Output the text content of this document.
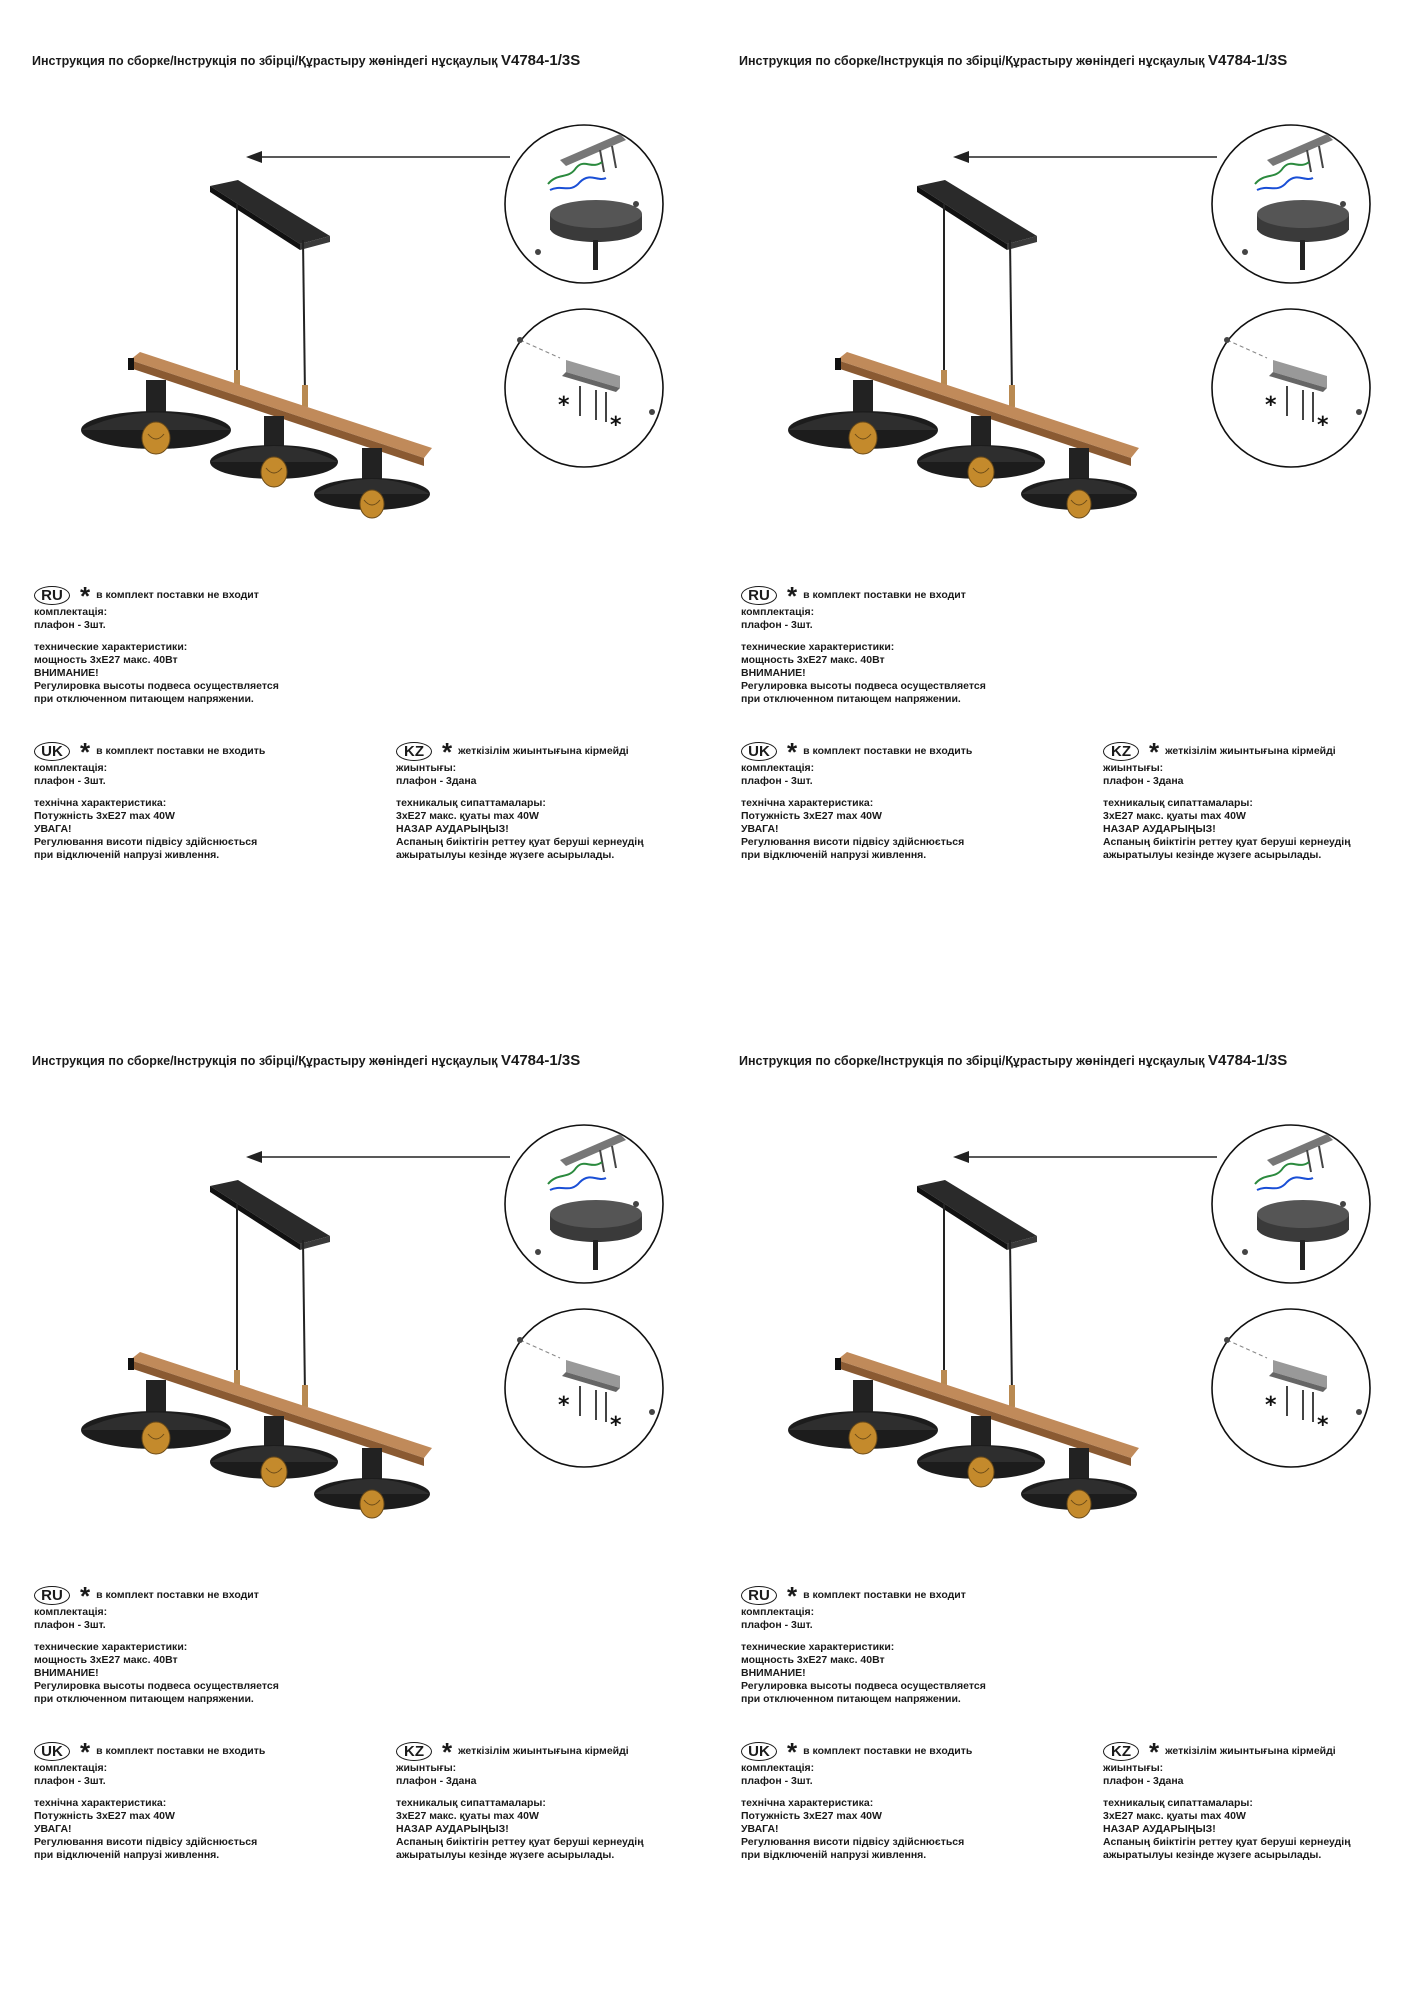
Инструкция по сборке/Інструкція по збірці/Құрастыру жөніндегі нұсқаулық V4784-1/3S
*
*
RU * в комплект поставки не входит
комплектація:
плафон - 3шт.
технические характеристики:
мощность 3хЕ27 макс. 40Вт
ВНИМАНИЕ!
Регулировка высоты подвеса осуществляется
при отключенном питающем напряжении.
UK * в комплект поставки не входить
комплектація:
плафон - 3шт.
технічна характеристика:
Потужність 3хЕ27 max 40W
УВАГА!
Регулювання висоти підвісу здійснюється
при відключеній напрузі живлення.
KZ * жеткізілім жиынтығына кірмейді
жиынтығы:
плафон - 3дана
техникалық сипаттамалары:
3хЕ27 макс. қуаты max 40W
НАЗАР АУДАРЫҢЫЗ!
Аспаның биіктігін реттеу қуат беруші кернеудің
ажыратылуы кезінде жүзеге асырылады.
Инструкция по сборке/Інструкція по збірці/Құрастыру жөніндегі нұсқаулық V4784-1/3S
*
*
RU * в комплект поставки не входит
комплектація:
плафон - 3шт.
технические характеристики:
мощность 3хЕ27 макс. 40Вт
ВНИМАНИЕ!
Регулировка высоты подвеса осуществляется
при отключенном питающем напряжении.
UK * в комплект поставки не входить
комплектація:
плафон - 3шт.
технічна характеристика:
Потужність 3хЕ27 max 40W
УВАГА!
Регулювання висоти підвісу здійснюється
при відключеній напрузі живлення.
KZ * жеткізілім жиынтығына кірмейді
жиынтығы:
плафон - 3дана
техникалық сипаттамалары:
3хЕ27 макс. қуаты max 40W
НАЗАР АУДАРЫҢЫЗ!
Аспаның биіктігін реттеу қуат беруші кернеудің
ажыратылуы кезінде жүзеге асырылады.
Инструкция по сборке/Інструкція по збірці/Құрастыру жөніндегі нұсқаулық V4784-1/3S
*
*
RU * в комплект поставки не входит
комплектація:
плафон - 3шт.
технические характеристики:
мощность 3хЕ27 макс. 40Вт
ВНИМАНИЕ!
Регулировка высоты подвеса осуществляется
при отключенном питающем напряжении.
UK * в комплект поставки не входить
комплектація:
плафон - 3шт.
технічна характеристика:
Потужність 3хЕ27 max 40W
УВАГА!
Регулювання висоти підвісу здійснюється
при відключеній напрузі живлення.
KZ * жеткізілім жиынтығына кірмейді
жиынтығы:
плафон - 3дана
техникалық сипаттамалары:
3хЕ27 макс. қуаты max 40W
НАЗАР АУДАРЫҢЫЗ!
Аспаның биіктігін реттеу қуат беруші кернеудің
ажыратылуы кезінде жүзеге асырылады.
Инструкция по сборке/Інструкція по збірці/Құрастыру жөніндегі нұсқаулық V4784-1/3S
*
*
RU * в комплект поставки не входит
комплектація:
плафон - 3шт.
технические характеристики:
мощность 3хЕ27 макс. 40Вт
ВНИМАНИЕ!
Регулировка высоты подвеса осуществляется
при отключенном питающем напряжении.
UK * в комплект поставки не входить
комплектація:
плафон - 3шт.
технічна характеристика:
Потужність 3хЕ27 max 40W
УВАГА!
Регулювання висоти підвісу здійснюється
при відключеній напрузі живлення.
KZ * жеткізілім жиынтығына кірмейді
жиынтығы:
плафон - 3дана
техникалық сипаттамалары:
3хЕ27 макс. қуаты max 40W
НАЗАР АУДАРЫҢЫЗ!
Аспаның биіктігін реттеу қуат беруші кернеудің
ажыратылуы кезінде жүзеге асырылады.
